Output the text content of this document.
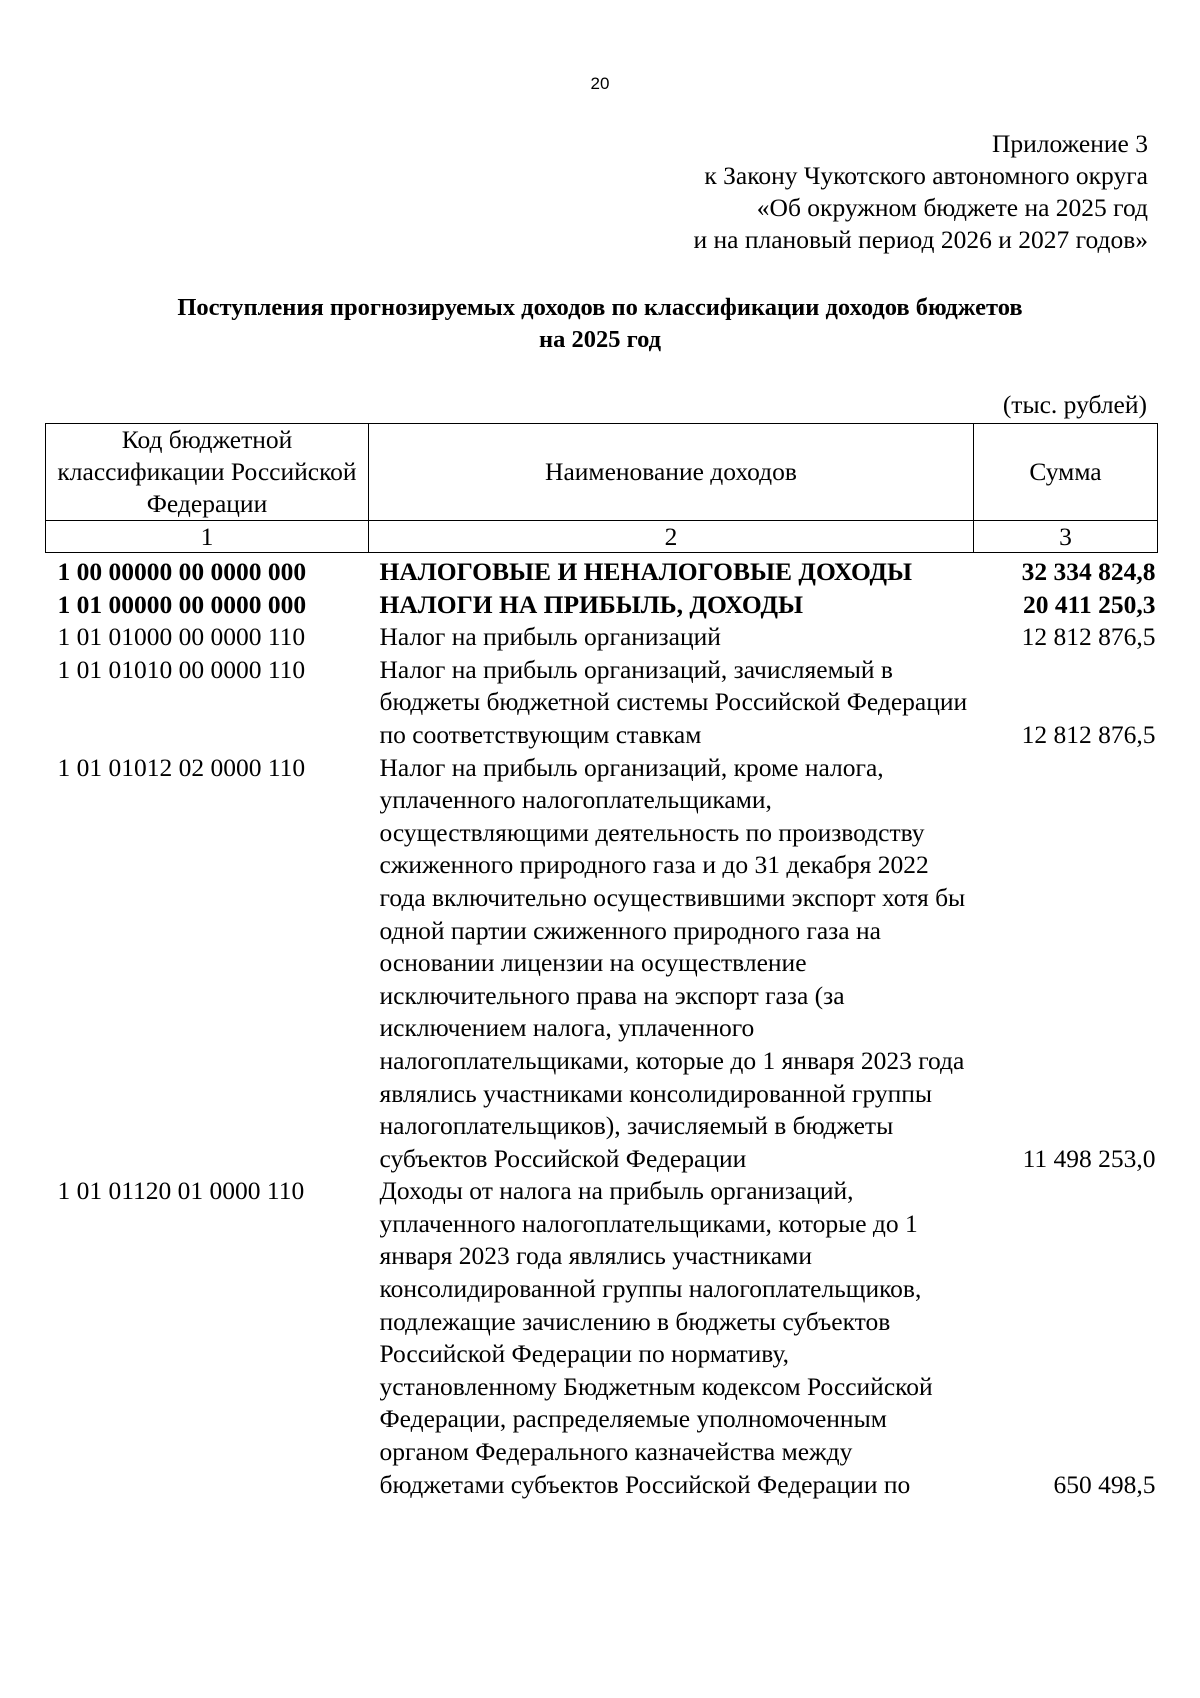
20
Приложение 3
к Закону Чукотского автономного округа
«Об окружном бюджете на 2025 год
и на плановый период 2026 и 2027 годов»
Поступления прогнозируемых доходов по классификации доходов бюджетов
на 2025 год
(тыс. рублей)
Код бюджетной классификации Российской Федерации	Наименование доходов	Сумма
1	2	3
1 00 00000 00 0000 000	НАЛОГОВЫЕ И НЕНАЛОГОВЫЕ ДОХОДЫ	32 334 824,8
1 01 00000 00 0000 000	НАЛОГИ НА ПРИБЫЛЬ, ДОХОДЫ	20 411 250,3
1 01 01000 00 0000 110	Налог на прибыль организаций	12 812 876,5
1 01 01010 00 0000 110	Налог на прибыль организаций, зачисляемый в бюджеты бюджетной системы Российской Федерации по соответствующим ставкам	12 812 876,5
1 01 01012 02 0000 110	Налог на прибыль организаций, кроме налога, уплаченного налогоплательщиками, осуществляющими деятельность по производству сжиженного природного газа и до 31 декабря 2022 года включительно осуществившими экспорт хотя бы одной партии сжиженного природного газа на основании лицензии на осуществление исключительного права на экспорт газа (за исключением налога, уплаченного налогоплательщиками, которые до 1 января 2023 года являлись участниками консолидированной группы налогоплательщиков), зачисляемый в бюджеты субъектов Российской Федерации	11 498 253,0
1 01 01120 01 0000 110	Доходы от налога на прибыль организаций, уплаченного налогоплательщиками, которые до 1 января 2023 года являлись участниками консолидированной группы налогоплательщиков, подлежащие зачислению в бюджеты субъектов Российской Федерации по нормативу, установленному Бюджетным кодексом Российской Федерации, распределяемые уполномоченным органом Федерального казначейства между бюджетами субъектов Российской Федерации по	650 498,5
